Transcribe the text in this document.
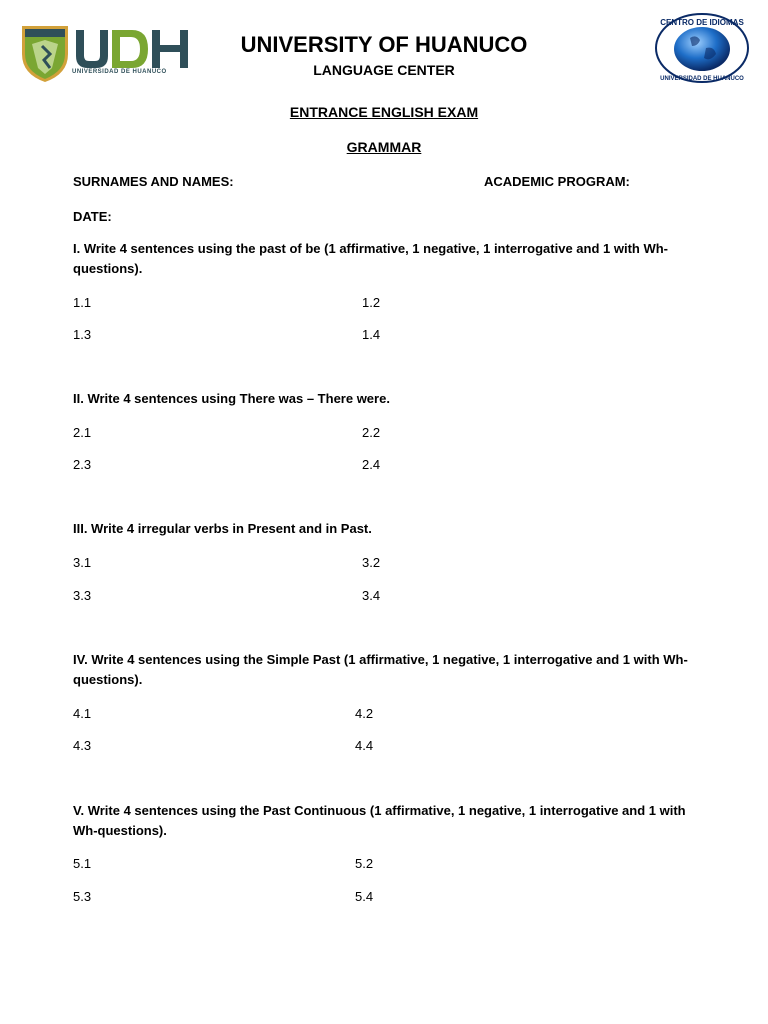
UNIVERSIDAD DE HUANUCO
CENTRO DE IDIOMAS
UNIVERSIDAD DE HUANUCO
UNIVERSITY OF HUANUCO
LANGUAGE CENTER
ENTRANCE ENGLISH EXAM
GRAMMAR
SURNAMES AND NAMES:	ACADEMIC PROGRAM:
DATE:
I. Write 4 sentences using the past of be (1 affirmative, 1 negative, 1 interrogative and 1 with Wh-questions).
1.1	1.2
1.3	1.4
II. Write 4 sentences using There was – There were.
2.1	2.2
2.3	2.4
III. Write 4 irregular verbs in Present and in Past.
3.1	3.2
3.3	3.4
IV. Write 4 sentences using the Simple Past (1 affirmative, 1 negative, 1 interrogative and 1 with Wh-questions).
4.1	4.2
4.3	4.4
V. Write 4 sentences using the Past Continuous (1 affirmative, 1 negative, 1 interrogative and 1 with Wh-questions).
5.1	5.2
5.3	5.4
